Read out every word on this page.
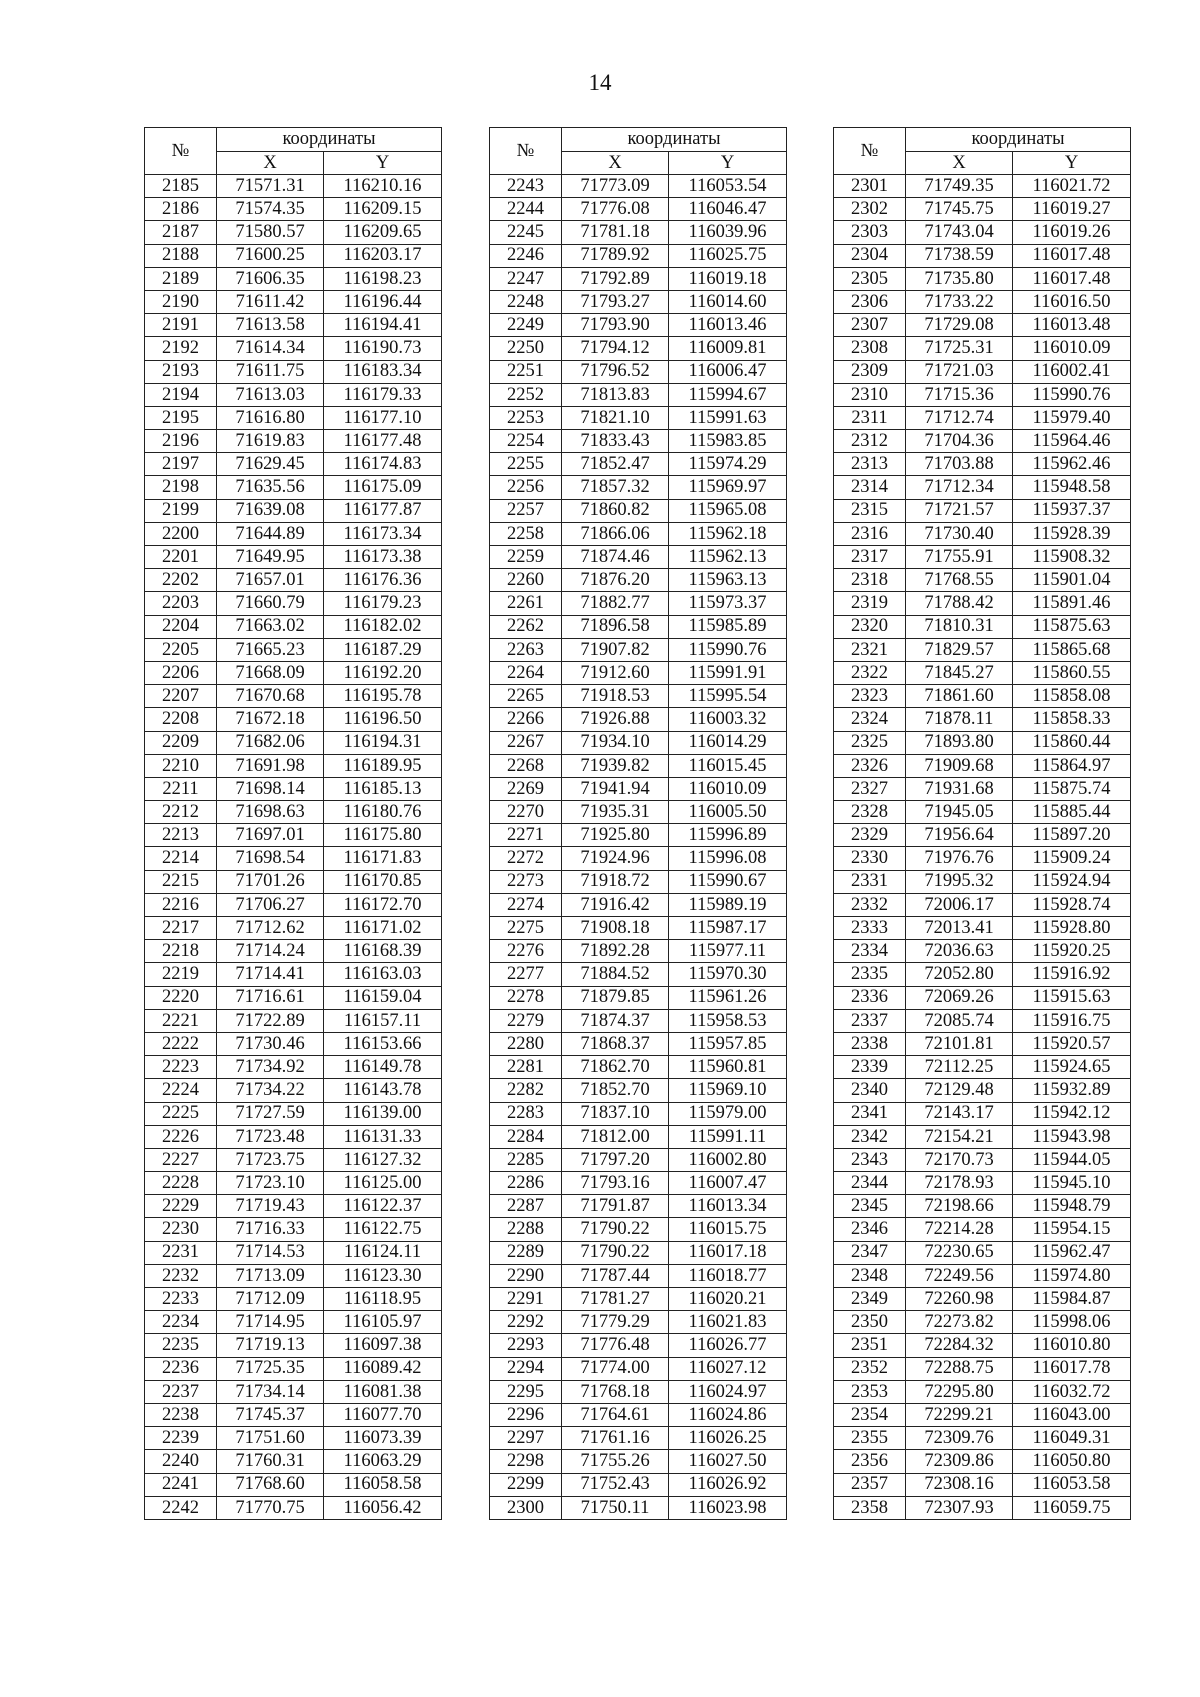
14
№	координаты	
	X	Y
2185	71571.31	116210.16
2186	71574.35	116209.15
2187	71580.57	116209.65
2188	71600.25	116203.17
2189	71606.35	116198.23
2190	71611.42	116196.44
2191	71613.58	116194.41
2192	71614.34	116190.73
2193	71611.75	116183.34
2194	71613.03	116179.33
2195	71616.80	116177.10
2196	71619.83	116177.48
2197	71629.45	116174.83
2198	71635.56	116175.09
2199	71639.08	116177.87
2200	71644.89	116173.34
2201	71649.95	116173.38
2202	71657.01	116176.36
2203	71660.79	116179.23
2204	71663.02	116182.02
2205	71665.23	116187.29
2206	71668.09	116192.20
2207	71670.68	116195.78
2208	71672.18	116196.50
2209	71682.06	116194.31
2210	71691.98	116189.95
2211	71698.14	116185.13
2212	71698.63	116180.76
2213	71697.01	116175.80
2214	71698.54	116171.83
2215	71701.26	116170.85
2216	71706.27	116172.70
2217	71712.62	116171.02
2218	71714.24	116168.39
2219	71714.41	116163.03
2220	71716.61	116159.04
2221	71722.89	116157.11
2222	71730.46	116153.66
2223	71734.92	116149.78
2224	71734.22	116143.78
2225	71727.59	116139.00
2226	71723.48	116131.33
2227	71723.75	116127.32
2228	71723.10	116125.00
2229	71719.43	116122.37
2230	71716.33	116122.75
2231	71714.53	116124.11
2232	71713.09	116123.30
2233	71712.09	116118.95
2234	71714.95	116105.97
2235	71719.13	116097.38
2236	71725.35	116089.42
2237	71734.14	116081.38
2238	71745.37	116077.70
2239	71751.60	116073.39
2240	71760.31	116063.29
2241	71768.60	116058.58
2242	71770.75	116056.42
№	координаты	
	X	Y
2243	71773.09	116053.54
2244	71776.08	116046.47
2245	71781.18	116039.96
2246	71789.92	116025.75
2247	71792.89	116019.18
2248	71793.27	116014.60
2249	71793.90	116013.46
2250	71794.12	116009.81
2251	71796.52	116006.47
2252	71813.83	115994.67
2253	71821.10	115991.63
2254	71833.43	115983.85
2255	71852.47	115974.29
2256	71857.32	115969.97
2257	71860.82	115965.08
2258	71866.06	115962.18
2259	71874.46	115962.13
2260	71876.20	115963.13
2261	71882.77	115973.37
2262	71896.58	115985.89
2263	71907.82	115990.76
2264	71912.60	115991.91
2265	71918.53	115995.54
2266	71926.88	116003.32
2267	71934.10	116014.29
2268	71939.82	116015.45
2269	71941.94	116010.09
2270	71935.31	116005.50
2271	71925.80	115996.89
2272	71924.96	115996.08
2273	71918.72	115990.67
2274	71916.42	115989.19
2275	71908.18	115987.17
2276	71892.28	115977.11
2277	71884.52	115970.30
2278	71879.85	115961.26
2279	71874.37	115958.53
2280	71868.37	115957.85
2281	71862.70	115960.81
2282	71852.70	115969.10
2283	71837.10	115979.00
2284	71812.00	115991.11
2285	71797.20	116002.80
2286	71793.16	116007.47
2287	71791.87	116013.34
2288	71790.22	116015.75
2289	71790.22	116017.18
2290	71787.44	116018.77
2291	71781.27	116020.21
2292	71779.29	116021.83
2293	71776.48	116026.77
2294	71774.00	116027.12
2295	71768.18	116024.97
2296	71764.61	116024.86
2297	71761.16	116026.25
2298	71755.26	116027.50
2299	71752.43	116026.92
2300	71750.11	116023.98
№	координаты	
	X	Y
2301	71749.35	116021.72
2302	71745.75	116019.27
2303	71743.04	116019.26
2304	71738.59	116017.48
2305	71735.80	116017.48
2306	71733.22	116016.50
2307	71729.08	116013.48
2308	71725.31	116010.09
2309	71721.03	116002.41
2310	71715.36	115990.76
2311	71712.74	115979.40
2312	71704.36	115964.46
2313	71703.88	115962.46
2314	71712.34	115948.58
2315	71721.57	115937.37
2316	71730.40	115928.39
2317	71755.91	115908.32
2318	71768.55	115901.04
2319	71788.42	115891.46
2320	71810.31	115875.63
2321	71829.57	115865.68
2322	71845.27	115860.55
2323	71861.60	115858.08
2324	71878.11	115858.33
2325	71893.80	115860.44
2326	71909.68	115864.97
2327	71931.68	115875.74
2328	71945.05	115885.44
2329	71956.64	115897.20
2330	71976.76	115909.24
2331	71995.32	115924.94
2332	72006.17	115928.74
2333	72013.41	115928.80
2334	72036.63	115920.25
2335	72052.80	115916.92
2336	72069.26	115915.63
2337	72085.74	115916.75
2338	72101.81	115920.57
2339	72112.25	115924.65
2340	72129.48	115932.89
2341	72143.17	115942.12
2342	72154.21	115943.98
2343	72170.73	115944.05
2344	72178.93	115945.10
2345	72198.66	115948.79
2346	72214.28	115954.15
2347	72230.65	115962.47
2348	72249.56	115974.80
2349	72260.98	115984.87
2350	72273.82	115998.06
2351	72284.32	116010.80
2352	72288.75	116017.78
2353	72295.80	116032.72
2354	72299.21	116043.00
2355	72309.76	116049.31
2356	72309.86	116050.80
2357	72308.16	116053.58
2358	72307.93	116059.75
